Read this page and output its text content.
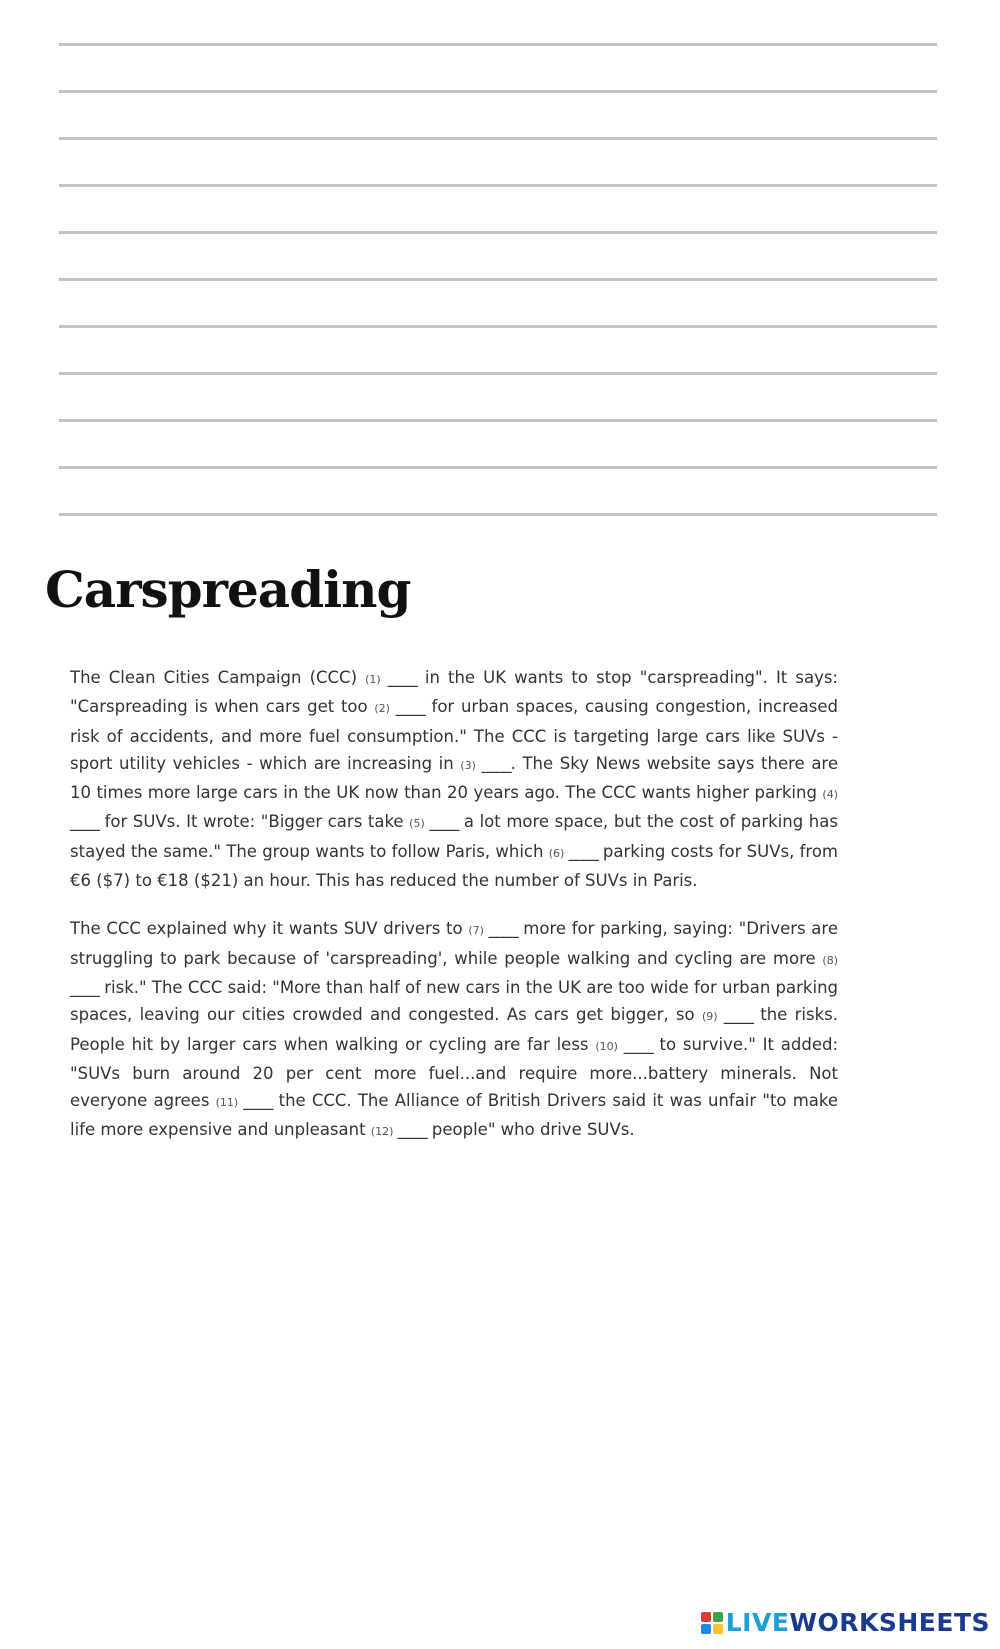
Carspreading

The Clean Cities Campaign (CCC) (1) ____ in the UK wants to stop "carspreading". It says: "Carspreading is when cars get too (2) ____ for urban spaces, causing congestion, increased risk of accidents, and more fuel consumption." The CCC is targeting large cars like SUVs - sport utility vehicles - which are increasing in (3) ____. The Sky News website says there are 10 times more large cars in the UK now than 20 years ago. The CCC wants higher parking (4) ____ for SUVs. It wrote: "Bigger cars take (5) ____ a lot more space, but the cost of parking has stayed the same." The group wants to follow Paris, which (6) ____ parking costs for SUVs, from €6 ($7) to €18 ($21) an hour. This has reduced the number of SUVs in Paris.

The CCC explained why it wants SUV drivers to (7) ____ more for parking, saying: "Drivers are struggling to park because of 'carspreading', while people walking and cycling are more (8) ____ risk." The CCC said: "More than half of new cars in the UK are too wide for urban parking spaces, leaving our cities crowded and congested. As cars get bigger, so (9) ____ the risks. People hit by larger cars when walking or cycling are far less (10) ____ to survive." It added: "SUVs burn around 20 per cent more fuel...and require more...battery minerals. Not everyone agrees (11) ____ the CCC. The Alliance of British Drivers said it was unfair "to make life more expensive and unpleasant (12) ____ people" who drive SUVs.

LIVEWORKSHEETS
